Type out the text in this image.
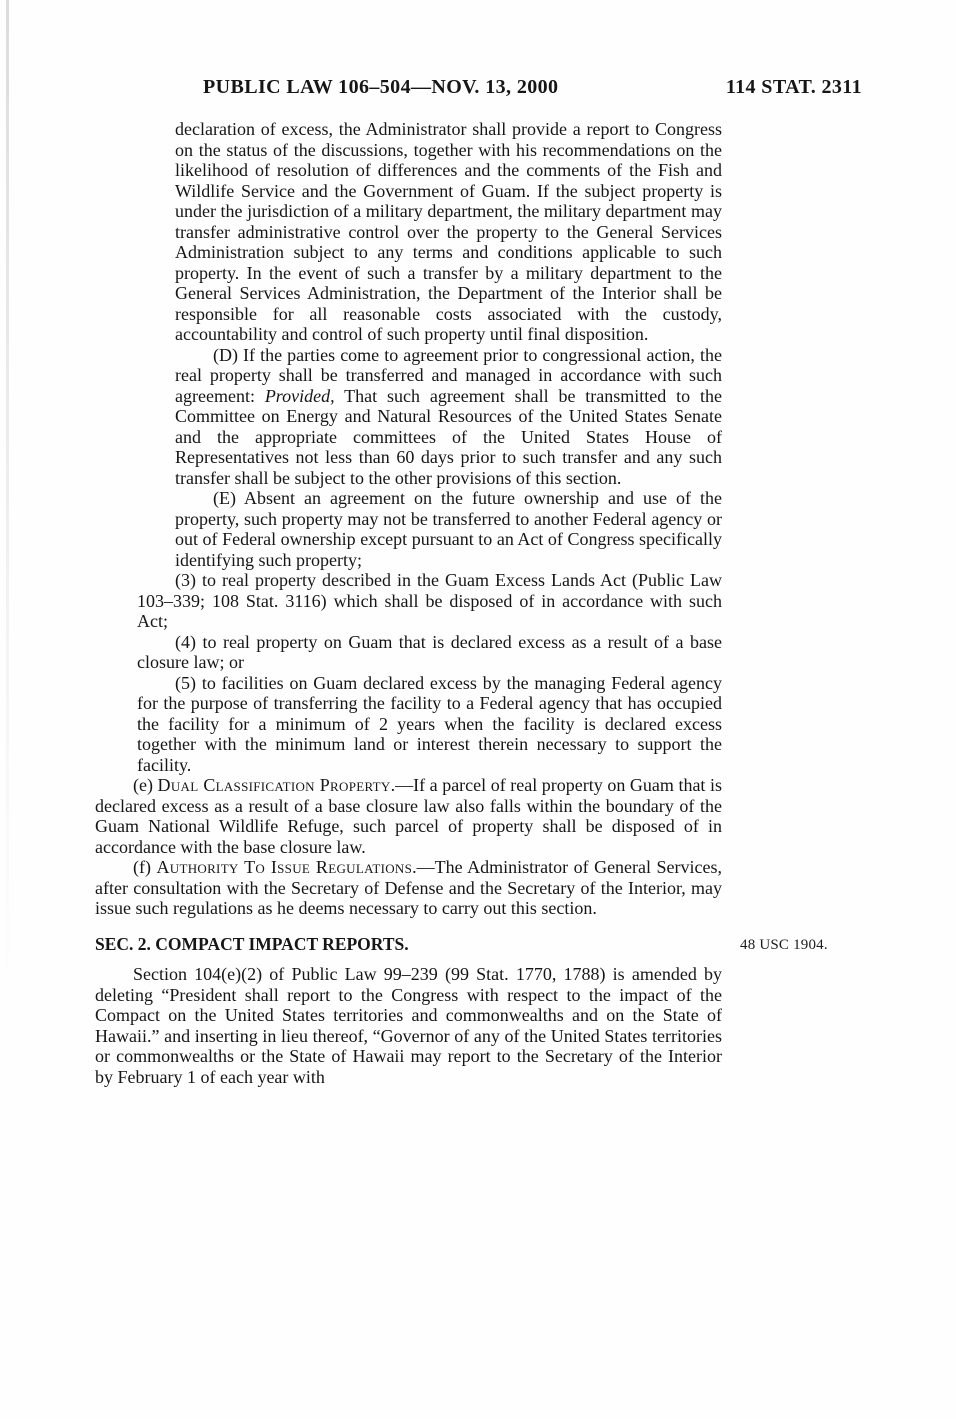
PUBLIC LAW 106–504—NOV. 13, 2000	114 STAT. 2311

declaration of excess, the Administrator shall provide a report to Congress on the status of the discussions, together with his recommendations on the likelihood of resolution of differences and the comments of the Fish and Wildlife Service and the Government of Guam. If the subject property is under the jurisdiction of a military department, the military department may transfer administrative control over the property to the General Services Administration subject to any terms and conditions applicable to such property. In the event of such a transfer by a military department to the General Services Administration, the Department of the Interior shall be responsible for all reasonable costs associated with the custody, accountability and control of such property until final disposition.

(D) If the parties come to agreement prior to congressional action, the real property shall be transferred and managed in accordance with such agreement: Provided, That such agreement shall be transmitted to the Committee on Energy and Natural Resources of the United States Senate and the appropriate committees of the United States House of Representatives not less than 60 days prior to such transfer and any such transfer shall be subject to the other provisions of this section.

(E) Absent an agreement on the future ownership and use of the property, such property may not be transferred to another Federal agency or out of Federal ownership except pursuant to an Act of Congress specifically identifying such property;

(3) to real property described in the Guam Excess Lands Act (Public Law 103–339; 108 Stat. 3116) which shall be disposed of in accordance with such Act;

(4) to real property on Guam that is declared excess as a result of a base closure law; or

(5) to facilities on Guam declared excess by the managing Federal agency for the purpose of transferring the facility to a Federal agency that has occupied the facility for a minimum of 2 years when the facility is declared excess together with the minimum land or interest therein necessary to support the facility.

(e) Dual Classification Property.—If a parcel of real property on Guam that is declared excess as a result of a base closure law also falls within the boundary of the Guam National Wildlife Refuge, such parcel of property shall be disposed of in accordance with the base closure law.

(f) Authority To Issue Regulations.—The Administrator of General Services, after consultation with the Secretary of Defense and the Secretary of the Interior, may issue such regulations as he deems necessary to carry out this section.

SEC. 2. COMPACT IMPACT REPORTS.	48 USC 1904.

Section 104(e)(2) of Public Law 99–239 (99 Stat. 1770, 1788) is amended by deleting “President shall report to the Congress with respect to the impact of the Compact on the United States territories and commonwealths and on the State of Hawaii.” and inserting in lieu thereof, “Governor of any of the United States territories or commonwealths or the State of Hawaii may report to the Secretary of the Interior by February 1 of each year with
